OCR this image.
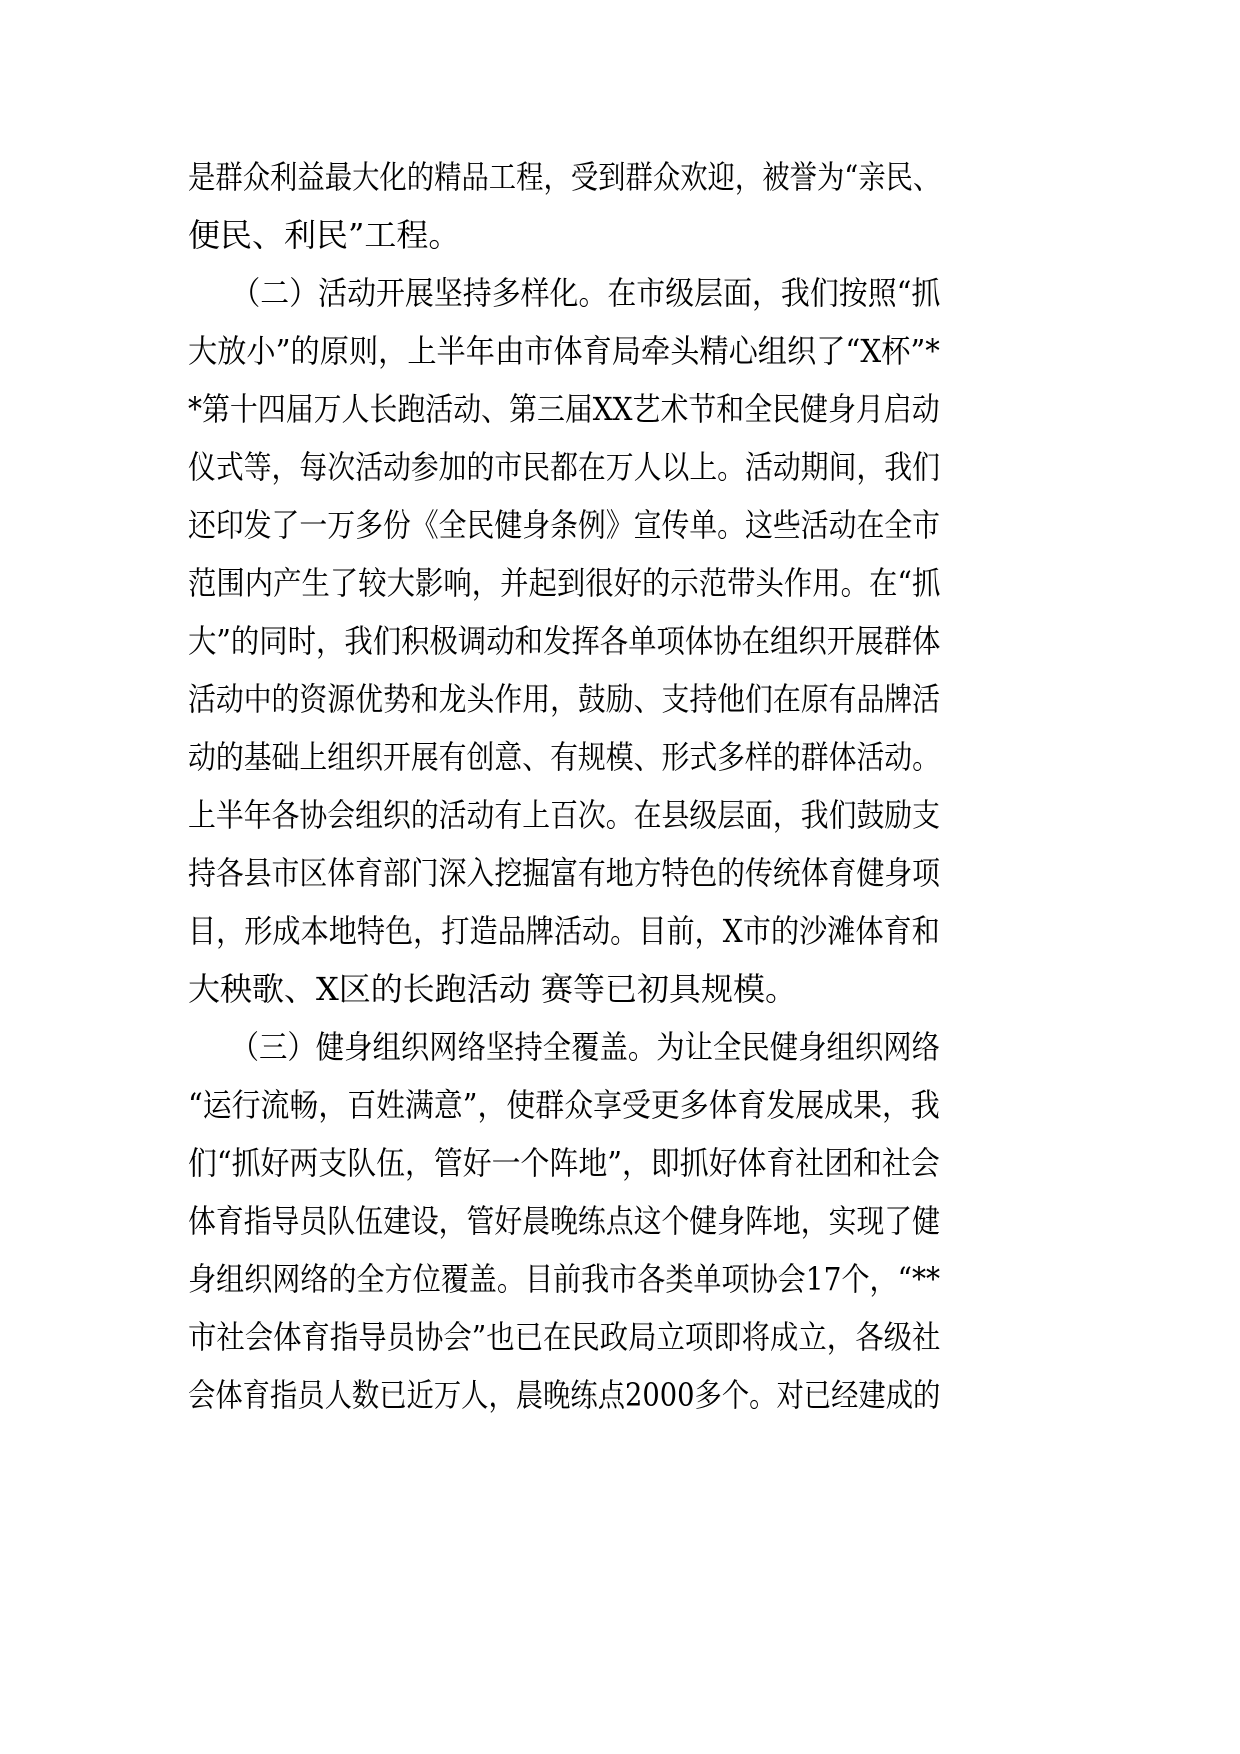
是群众利益最大化的精品工程，受到群众欢迎，被誉为“亲民、
便民、利民”工程。
　　（二）活动开展坚持多样化。在市级层面，我们按照“抓
大放小”的原则，上半年由市体育局牵头精心组织了“X杯”*
*第十四届万人长跑活动、第三届XX艺术节和全民健身月启动
仪式等，每次活动参加的市民都在万人以上。活动期间，我们
还印发了一万多份《全民健身条例》宣传单。这些活动在全市
范围内产生了较大影响，并起到很好的示范带头作用。在“抓
大”的同时，我们积极调动和发挥各单项体协在组织开展群体
活动中的资源优势和龙头作用，鼓励、支持他们在原有品牌活
动的基础上组织开展有创意、有规模、形式多样的群体活动。
上半年各协会组织的活动有上百次。在县级层面，我们鼓励支
持各县市区体育部门深入挖掘富有地方特色的传统体育健身项
目，形成本地特色，打造品牌活动。目前，X市的沙滩体育和
大秧歌、X区的长跑活动 赛等已初具规模。
　　（三）健身组织网络坚持全覆盖。为让全民健身组织网络
“运行流畅，百姓满意”，使群众享受更多体育发展成果，我
们“抓好两支队伍，管好一个阵地”，即抓好体育社团和社会
体育指导员队伍建设，管好晨晚练点这个健身阵地，实现了健
身组织网络的全方位覆盖。目前我市各类单项协会17个，“**
市社会体育指导员协会”也已在民政局立项即将成立，各级社
会体育指员人数已近万人，晨晚练点2000多个。对已经建成的
